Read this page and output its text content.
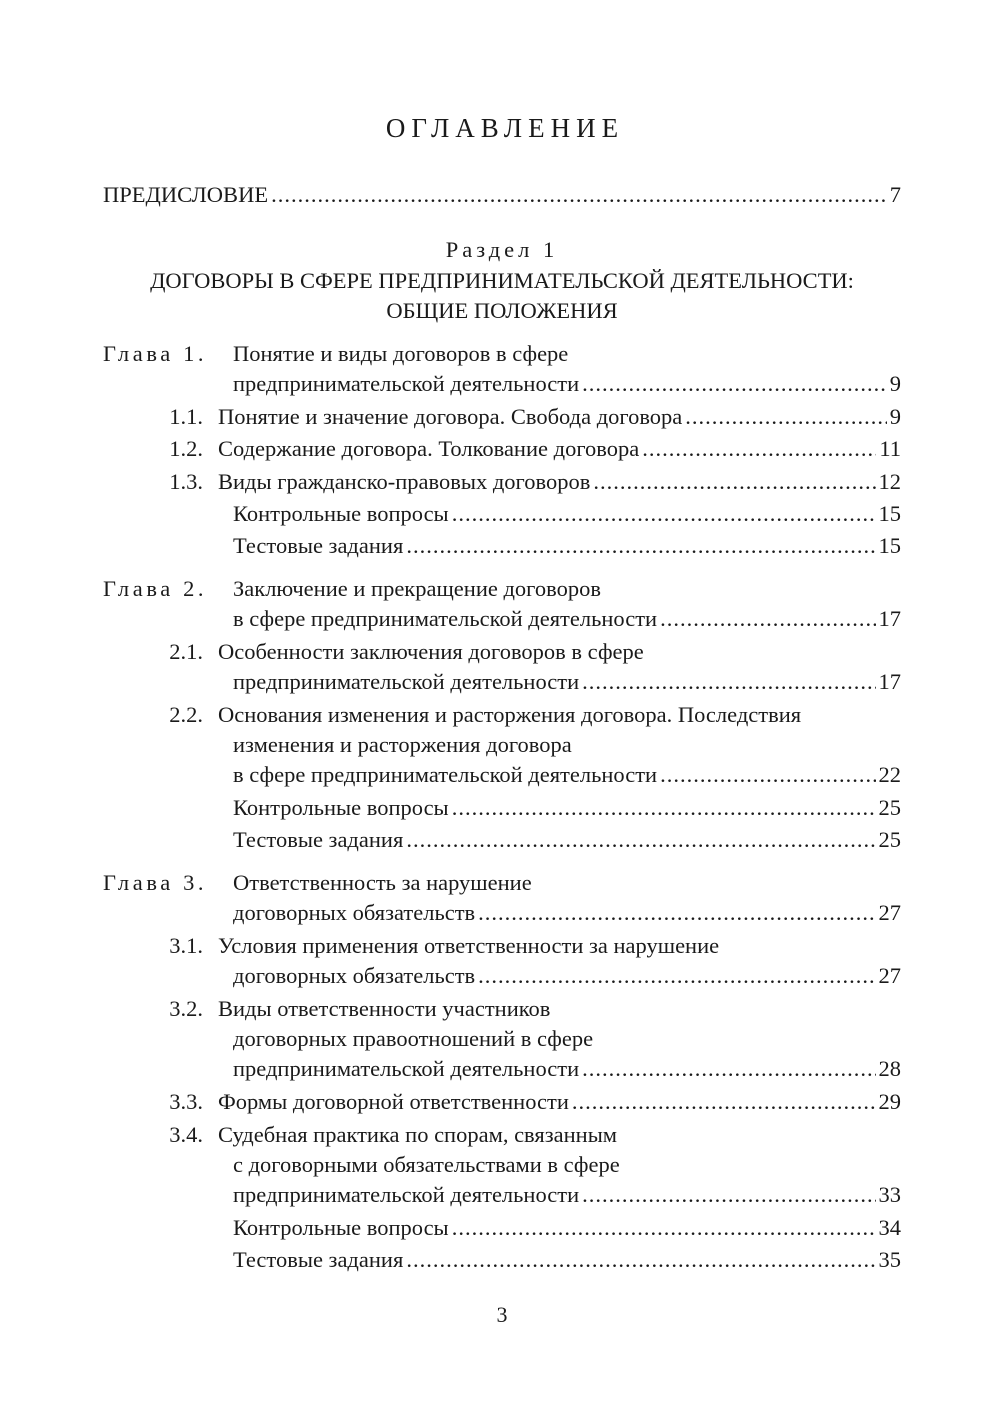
ОГЛАВЛЕНИЕ
ПРЕДИСЛОВИЕ .....	7
Раздел 1
ДОГОВОРЫ В СФЕРЕ ПРЕДПРИНИМАТЕЛЬСКОЙ ДЕЯТЕЛЬНОСТИ:
ОБЩИЕ ПОЛОЖЕНИЯ
Глава 1.	Понятие и виды договоров в сфере
предпринимательской деятельности .....	9
1.1. Понятие и значение договора. Свобода договора .....	9
1.2. Содержание договора. Толкование договора .....	11
1.3. Виды гражданско-правовых договоров .....	12
Контрольные вопросы .....	15
Тестовые задания .....	15
Глава 2.	Заключение и прекращение договоров
в сфере предпринимательской деятельности .....	17
2.1. Особенности заключения договоров в сфере
предпринимательской деятельности .....	17
2.2. Основания изменения и расторжения договора. Последствия
изменения и расторжения договора
в сфере предпринимательской деятельности .....	22
Контрольные вопросы .....	25
Тестовые задания .....	25
Глава 3.	Ответственность за нарушение
договорных обязательств .....	27
3.1. Условия применения ответственности за нарушение
договорных обязательств .....	27
3.2. Виды ответственности участников
договорных правоотношений в сфере
предпринимательской деятельности .....	28
3.3. Формы договорной ответственности .....	29
3.4. Судебная практика по спорам, связанным
с договорными обязательствами в сфере
предпринимательской деятельности .....	33
Контрольные вопросы .....	34
Тестовые задания .....	35
3
